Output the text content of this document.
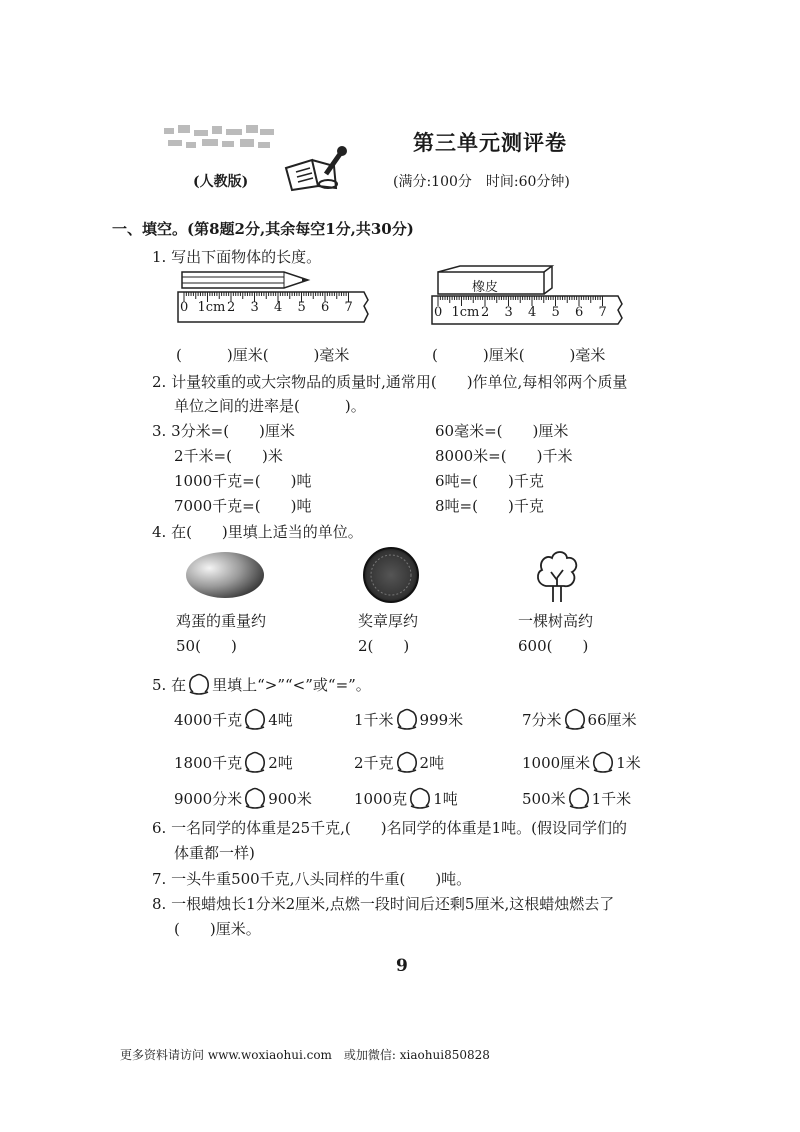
第三单元测评卷
(人教版)	(满分:100分　时间:60分钟)
一、填空。(第8题2分,其余每空1分,共30分)
1. 写出下面物体的长度。
0 1cm 2 3 4 5 6 7
橡皮
0 1cm 2 3 4 5 6 7
(　　　)厘米(　　　)毫米	(　　　)厘米(　　　)毫米
2. 计量较重的或大宗物品的质量时,通常用(　　)作单位,每相邻两个质量
单位之间的进率是(　　　)。
3. 3分米=(　　)厘米	60毫米=(　　)厘米
2千米=(　　)米	8000米=(　　)千米
1000千克=(　　)吨	6吨=(　　)千克
7000千克=(　　)吨	8吨=(　　)千克
4. 在(　　)里填上适当的单位。
鸡蛋的重量约	奖章厚约	一棵树高约
50(　　)	2(　　)	600(　　)
5. 在 里填上“>”“<”或“=”。
4000千克 4吨	1千米 999米	7分米 66厘米
1800千克 2吨	2千克 2吨	1000厘米 1米
9000分米 900米	1000克 1吨	500米 1千米
6. 一名同学的体重是25千克,(　　)名同学的体重是1吨。(假设同学们的
体重都一样)
7. 一头牛重500千克,八头同样的牛重(　　)吨。
8. 一根蜡烛长1分米2厘米,点燃一段时间后还剩5厘米,这根蜡烛燃去了
(　　)厘米。
9
更多资料请访问 www.woxiaohui.com　或加微信: xiaohui850828
